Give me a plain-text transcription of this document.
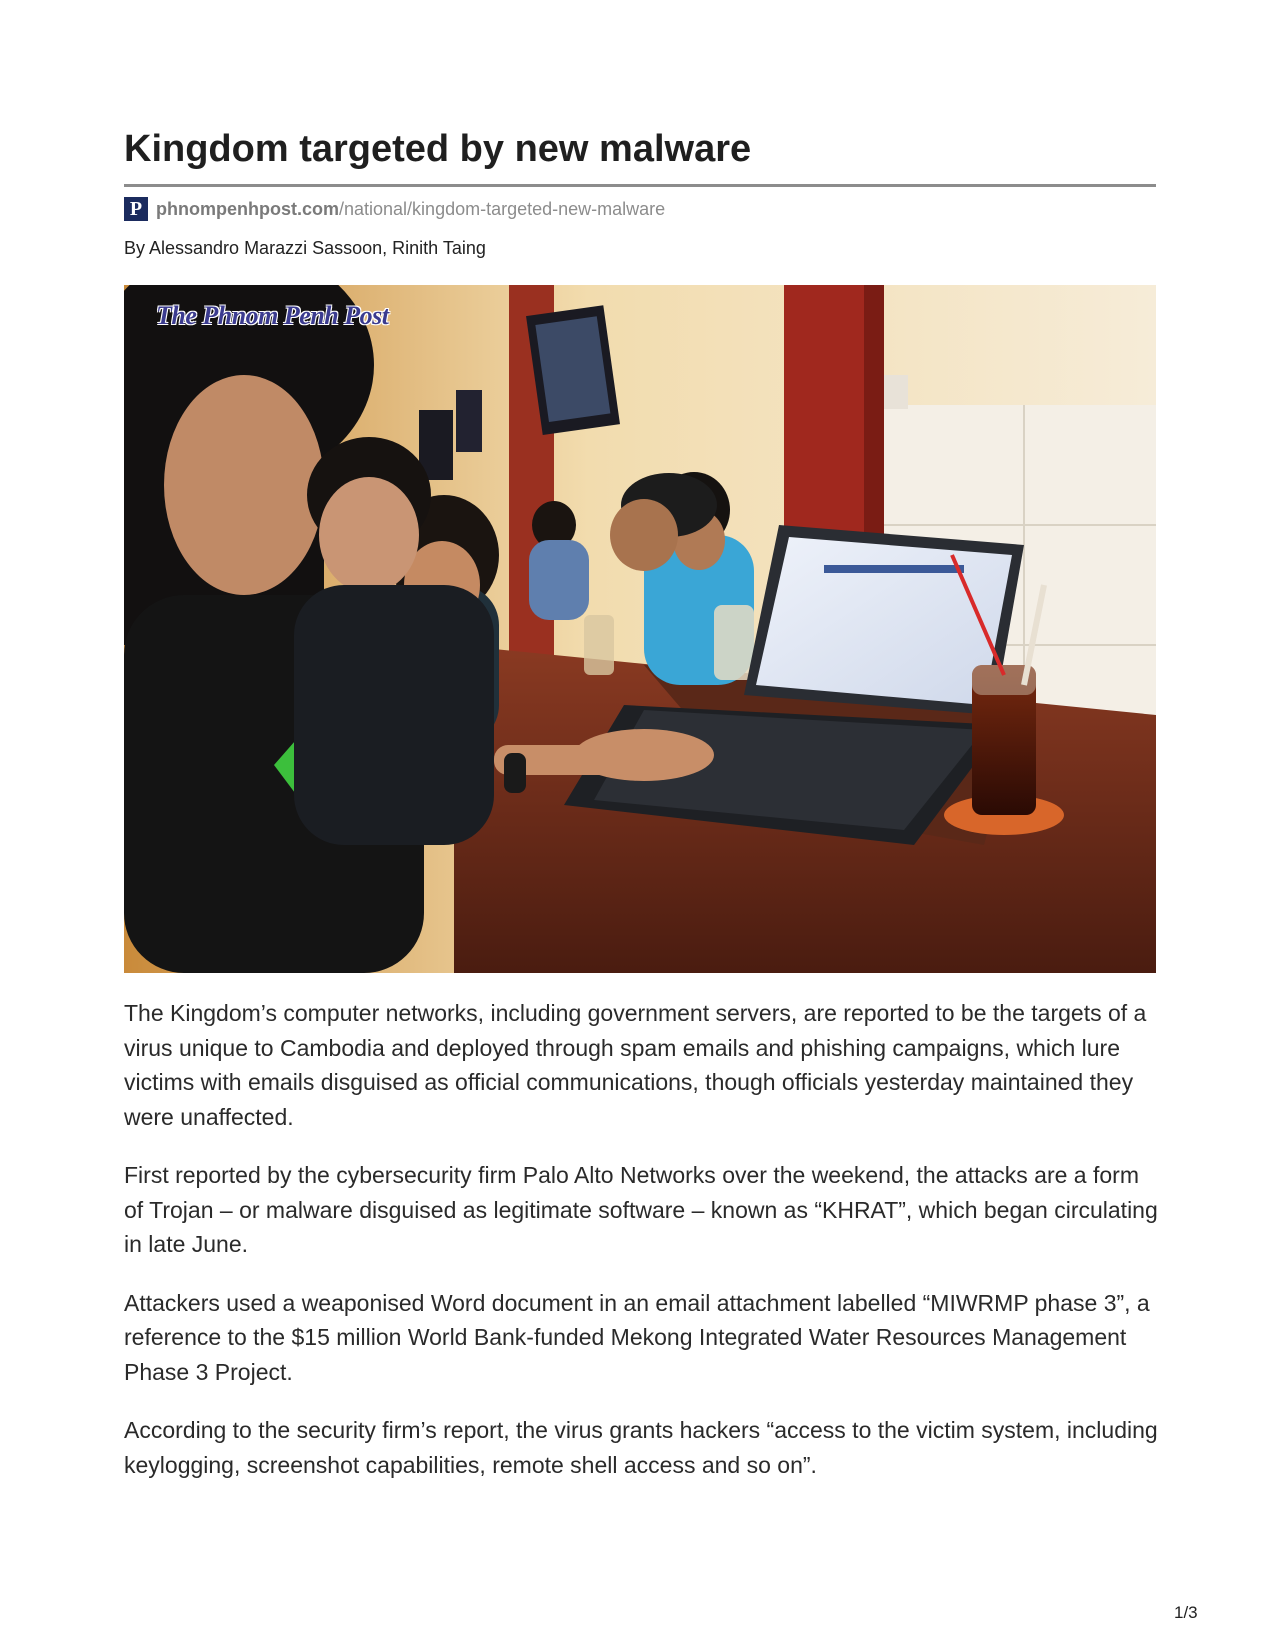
Kingdom targeted by new malware
P phnompenhpost.com /national/kingdom-targeted-new-malware
By Alessandro Marazzi Sassoon, Rinith Taing
The Phnom Penh Post

The Kingdom’s computer networks, including government servers, are reported to be the targets of a virus unique to Cambodia and deployed through spam emails and phishing campaigns, which lure victims with emails disguised as official communications, though officials yesterday maintained they were unaffected.

First reported by the cybersecurity firm Palo Alto Networks over the weekend, the attacks are a form of Trojan – or malware disguised as legitimate software – known as “KHRAT”, which began circulating in late June.

Attackers used a weaponised Word document in an email attachment labelled “MIWRMP phase 3”, a reference to the $15 million World Bank-funded Mekong Integrated Water Resources Management Phase 3 Project.

According to the security firm’s report, the virus grants hackers “access to the victim system, including keylogging, screenshot capabilities, remote shell access and so on”.

1/3
